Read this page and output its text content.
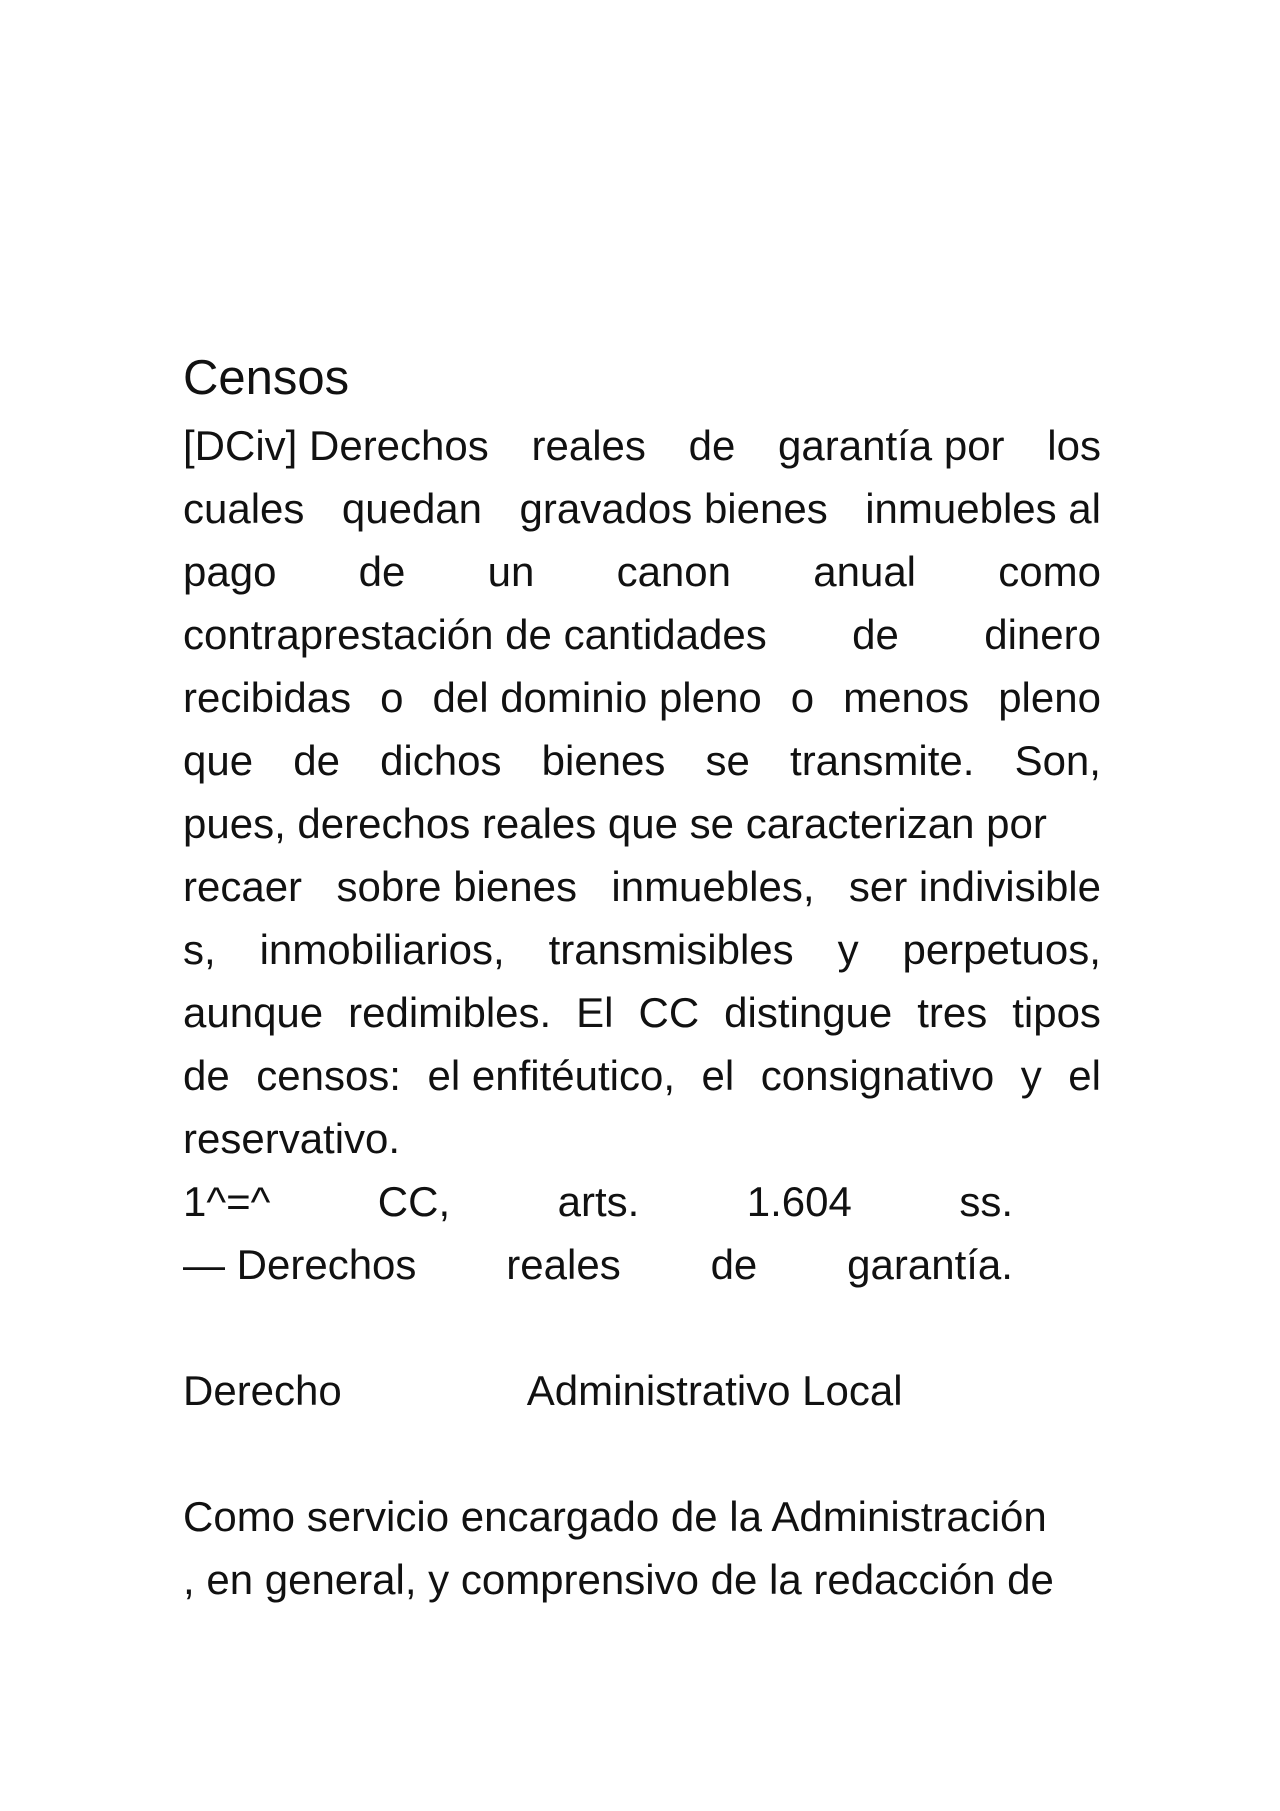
Censos
[DCiv] Derechos reales de garantía por los
cuales quedan gravados bienes inmuebles al
pago de un canon anual como
contraprestación de cantidades de dinero
recibidas o del dominio pleno o menos pleno
que de dichos bienes se transmite. Son,
pues, derechos reales que se caracterizan por
recaer sobre bienes inmuebles, ser indivisible
s, inmobiliarios, transmisibles y perpetuos,
aunque redimibles. El CC distingue tres tipos
de censos: el enfitéutico, el consignativo y el
reservativo.
1^=^	CC,	arts.	1.604	ss.
— Derechos reales de garantía.
Derecho	Administrativo Local
Como servicio encargado de la Administración
, en general, y comprensivo de la redacción de
